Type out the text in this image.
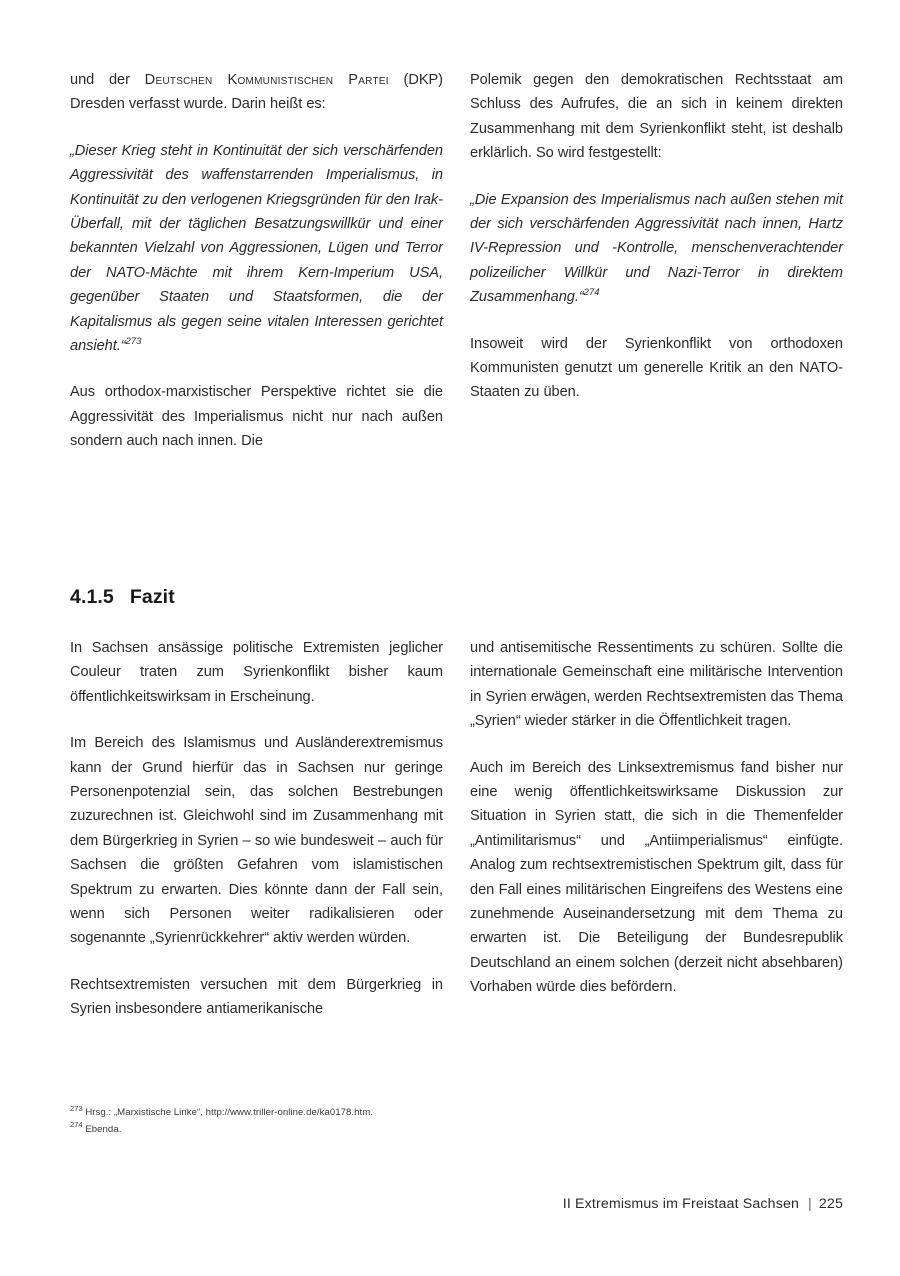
und der Deutschen Kommunistischen Partei (DKP) Dresden verfasst wurde. Darin heißt es:

„Dieser Krieg steht in Kontinuität der sich verschärfenden Aggressivität des waffenstarrenden Imperialismus, in Kontinuität zu den verlogenen Kriegsgründen für den Irak-Überfall, mit der täglichen Besatzungswillkür und einer bekannten Vielzahl von Aggressionen, Lügen und Terror der NATO-Mächte mit ihrem Kern-Imperium USA, gegenüber Staaten und Staatsformen, die der Kapitalismus als gegen seine vitalen Interessen gerichtet ansieht.“$^{273}$

Aus orthodox-marxistischer Perspektive richtet sie die Aggressivität des Imperialismus nicht nur nach außen sondern auch nach innen. Die

Polemik gegen den demokratischen Rechtsstaat am Schluss des Aufrufes, die an sich in keinem direkten Zusammenhang mit dem Syrienkonflikt steht, ist deshalb erklärlich. So wird festgestellt:

„Die Expansion des Imperialismus nach außen stehen mit der sich verschärfenden Aggressivität nach innen, Hartz IV-Repression und -Kontrolle, menschenverachtender polizeilicher Willkür und Nazi-Terror in direktem Zusammenhang.“$^{274}$

Insoweit wird der Syrienkonflikt von orthodoxen Kommunisten genutzt um generelle Kritik an den NATO-Staaten zu üben.

4.1.5 Fazit

In Sachsen ansässige politische Extremisten jeglicher Couleur traten zum Syrienkonflikt bisher kaum öffentlichkeitswirksam in Erscheinung.

Im Bereich des Islamismus und Ausländerextremismus kann der Grund hierfür das in Sachsen nur geringe Personenpotenzial sein, das solchen Bestrebungen zuzurechnen ist. Gleichwohl sind im Zusammenhang mit dem Bürgerkrieg in Syrien – so wie bundesweit – auch für Sachsen die größten Gefahren vom islamistischen Spektrum zu erwarten. Dies könnte dann der Fall sein, wenn sich Personen weiter radikalisieren oder sogenannte „Syrienrückkehrer“ aktiv werden würden.

Rechtsextremisten versuchen mit dem Bürgerkrieg in Syrien insbesondere antiamerikanische

und antisemitische Ressentiments zu schüren. Sollte die internationale Gemeinschaft eine militärische Intervention in Syrien erwägen, werden Rechtsextremisten das Thema „Syrien“ wieder stärker in die Öffentlichkeit tragen.

Auch im Bereich des Linksextremismus fand bisher nur eine wenig öffentlichkeitswirksame Diskussion zur Situation in Syrien statt, die sich in die Themenfelder „Antimilitarismus“ und „Antiimperialismus“ einfügte. Analog zum rechtsextremistischen Spektrum gilt, dass für den Fall eines militärischen Eingreifens des Westens eine zunehmende Auseinandersetzung mit dem Thema zu erwarten ist. Die Beteiligung der Bundesrepublik Deutschland an einem solchen (derzeit nicht absehbaren) Vorhaben würde dies befördern.

$^{273}$ Hrsg.: „Marxistische Linke“, http://www.triller-online.de/ka0178.htm.
$^{274}$ Ebenda.
II Extremismus im Freistaat Sachsen | 225
